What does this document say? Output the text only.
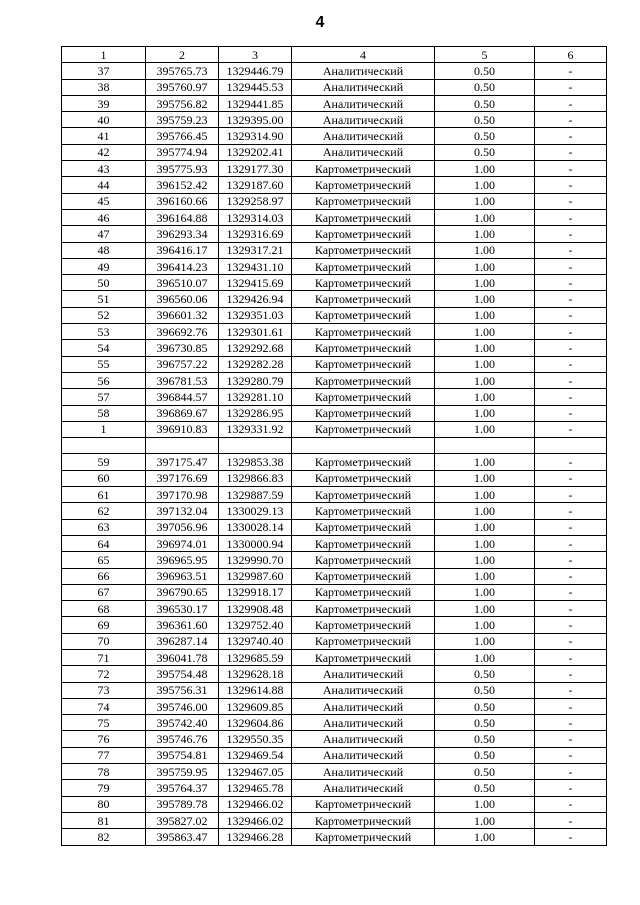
4
1	2	3	4	5	6
37	395765.73	1329446.79	Аналитический	0.50	-
38	395760.97	1329445.53	Аналитический	0.50	-
39	395756.82	1329441.85	Аналитический	0.50	-
40	395759.23	1329395.00	Аналитический	0.50	-
41	395766.45	1329314.90	Аналитический	0.50	-
42	395774.94	1329202.41	Аналитический	0.50	-
43	395775.93	1329177.30	Картометрический	1.00	-
44	396152.42	1329187.60	Картометрический	1.00	-
45	396160.66	1329258.97	Картометрический	1.00	-
46	396164.88	1329314.03	Картометрический	1.00	-
47	396293.34	1329316.69	Картометрический	1.00	-
48	396416.17	1329317.21	Картометрический	1.00	-
49	396414.23	1329431.10	Картометрический	1.00	-
50	396510.07	1329415.69	Картометрический	1.00	-
51	396560.06	1329426.94	Картометрический	1.00	-
52	396601.32	1329351.03	Картометрический	1.00	-
53	396692.76	1329301.61	Картометрический	1.00	-
54	396730.85	1329292.68	Картометрический	1.00	-
55	396757.22	1329282.28	Картометрический	1.00	-
56	396781.53	1329280.79	Картометрический	1.00	-
57	396844.57	1329281.10	Картометрический	1.00	-
58	396869.67	1329286.95	Картометрический	1.00	-
1	396910.83	1329331.92	Картометрический	1.00	-

59	397175.47	1329853.38	Картометрический	1.00	-
60	397176.69	1329866.83	Картометрический	1.00	-
61	397170.98	1329887.59	Картометрический	1.00	-
62	397132.04	1330029.13	Картометрический	1.00	-
63	397056.96	1330028.14	Картометрический	1.00	-
64	396974.01	1330000.94	Картометрический	1.00	-
65	396965.95	1329990.70	Картометрический	1.00	-
66	396963.51	1329987.60	Картометрический	1.00	-
67	396790.65	1329918.17	Картометрический	1.00	-
68	396530.17	1329908.48	Картометрический	1.00	-
69	396361.60	1329752.40	Картометрический	1.00	-
70	396287.14	1329740.40	Картометрический	1.00	-
71	396041.78	1329685.59	Картометрический	1.00	-
72	395754.48	1329628.18	Аналитический	0.50	-
73	395756.31	1329614.88	Аналитический	0.50	-
74	395746.00	1329609.85	Аналитический	0.50	-
75	395742.40	1329604.86	Аналитический	0.50	-
76	395746.76	1329550.35	Аналитический	0.50	-
77	395754.81	1329469.54	Аналитический	0.50	-
78	395759.95	1329467.05	Аналитический	0.50	-
79	395764.37	1329465.78	Аналитический	0.50	-
80	395789.78	1329466.02	Картометрический	1.00	-
81	395827.02	1329466.02	Картометрический	1.00	-
82	395863.47	1329466.28	Картометрический	1.00	-
